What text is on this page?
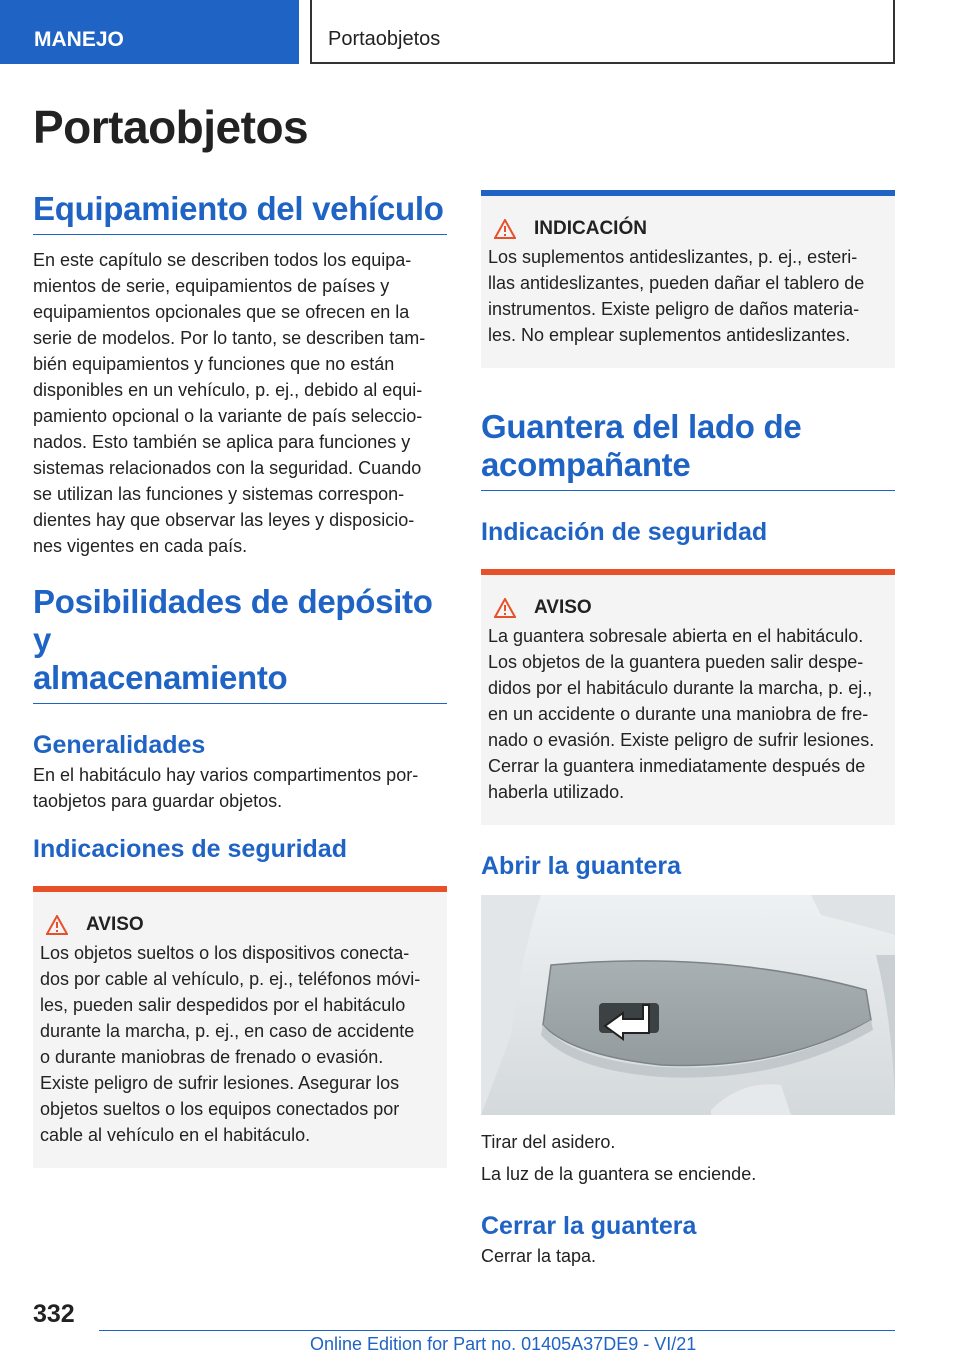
MANEJO	Portaobjetos
Portaobjetos
Equipamiento del vehículo

En este capítulo se describen todos los equipa-
mientos de serie, equipamientos de países y
equipamientos opcionales que se ofrecen en la
serie de modelos. Por lo tanto, se describen tam-
bién equipamientos y funciones que no están
disponibles en un vehículo, p. ej., debido al equi-
pamiento opcional o la variante de país seleccio-
nados. Esto también se aplica para funciones y
sistemas relacionados con la seguridad. Cuando
se utilizan las funciones y sistemas correspon-
dientes hay que observar las leyes y disposicio-
nes vigentes en cada país.

Posibilidades de depósito y
almacenamiento
Generalidades

En el habitáculo hay varios compartimentos por-
taobjetos para guardar objetos.

Indicaciones de seguridad
AVISO

Los objetos sueltos o los dispositivos conecta-
dos por cable al vehículo, p. ej., teléfonos móvi-
les, pueden salir despedidos por el habitáculo
durante la marcha, p. ej., en caso de accidente
o durante maniobras de frenado o evasión.
Existe peligro de sufrir lesiones. Asegurar los
objetos sueltos o los equipos conectados por
cable al vehículo en el habitáculo.

INDICACIÓN

Los suplementos antideslizantes, p. ej., esteri-
llas antideslizantes, pueden dañar el tablero de
instrumentos. Existe peligro de daños materia-
les. No emplear suplementos antideslizantes.

Guantera del lado de
acompañante
Indicación de seguridad
AVISO

La guantera sobresale abierta en el habitáculo.
Los objetos de la guantera pueden salir despe-
didos por el habitáculo durante la marcha, p. ej.,
en un accidente o durante una maniobra de fre-
nado o evasión. Existe peligro de sufrir lesiones.
Cerrar la guantera inmediatamente después de
haberla utilizado.

Abrir la guantera

Tirar del asidero.

La luz de la guantera se enciende.

Cerrar la guantera

Cerrar la tapa.

332
Online Edition for Part no. 01405A37DE9 - VI/21
